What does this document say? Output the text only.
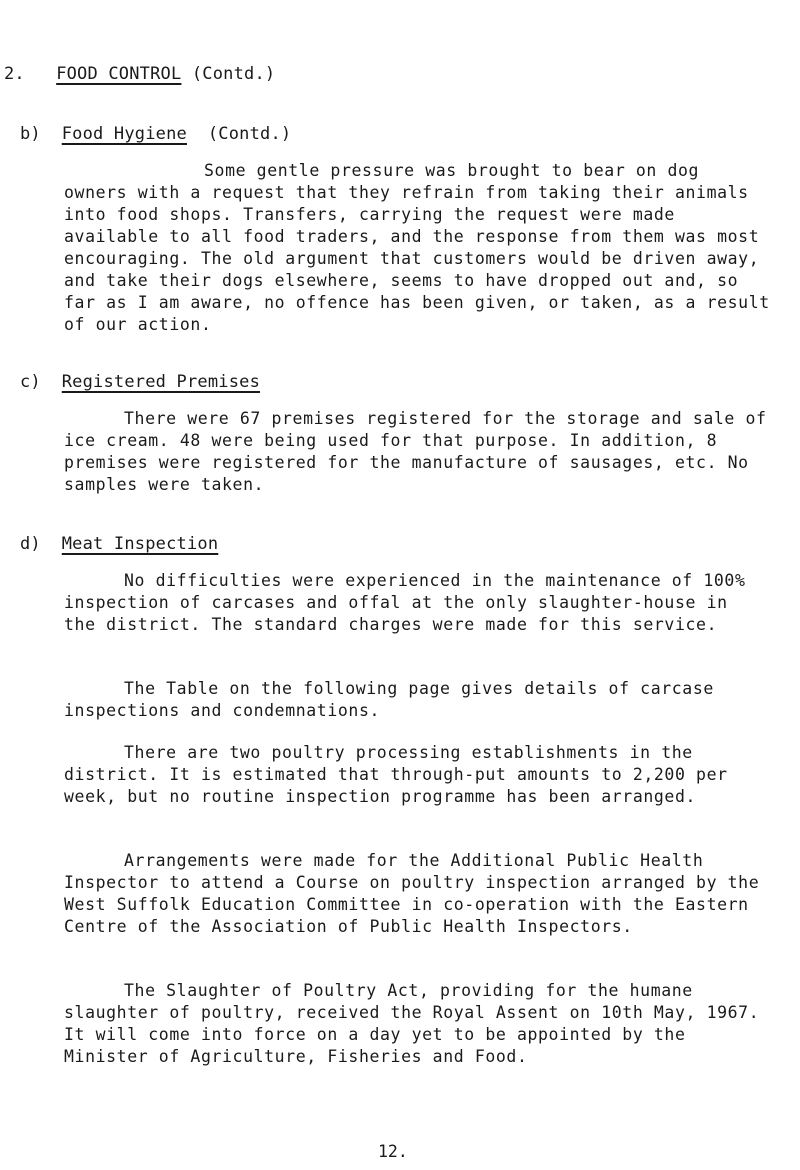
2. FOOD CONTROL (Contd.)
b) Food Hygiene (Contd.)

Some gentle pressure was brought to bear on dog owners with a request that they refrain from taking their animals into food shops. Transfers, carrying the request were made available to all food traders, and the response from them was most encouraging. The old argument that customers would be driven away, and take their dogs elsewhere, seems to have dropped out and, so far as I am aware, no offence has been given, or taken, as a result of our action.

c) Registered Premises

There were 67 premises registered for the storage and sale of ice cream. 48 were being used for that purpose. In addition, 8 premises were registered for the manufacture of sausages, etc. No samples were taken.

d) Meat Inspection

No difficulties were experienced in the maintenance of 100% inspection of carcases and offal at the only slaughter-house in the district. The standard charges were made for this service.

The Table on the following page gives details of carcase inspections and condemnations.

There are two poultry processing establishments in the district. It is estimated that through-put amounts to 2,200 per week, but no routine inspection programme has been arranged.

Arrangements were made for the Additional Public Health Inspector to attend a Course on poultry inspection arranged by the West Suffolk Education Committee in co-operation with the Eastern Centre of the Association of Public Health Inspectors.

The Slaughter of Poultry Act, providing for the humane slaughter of poultry, received the Royal Assent on 10th May, 1967. It will come into force on a day yet to be appointed by the Minister of Agriculture, Fisheries and Food.

12.
